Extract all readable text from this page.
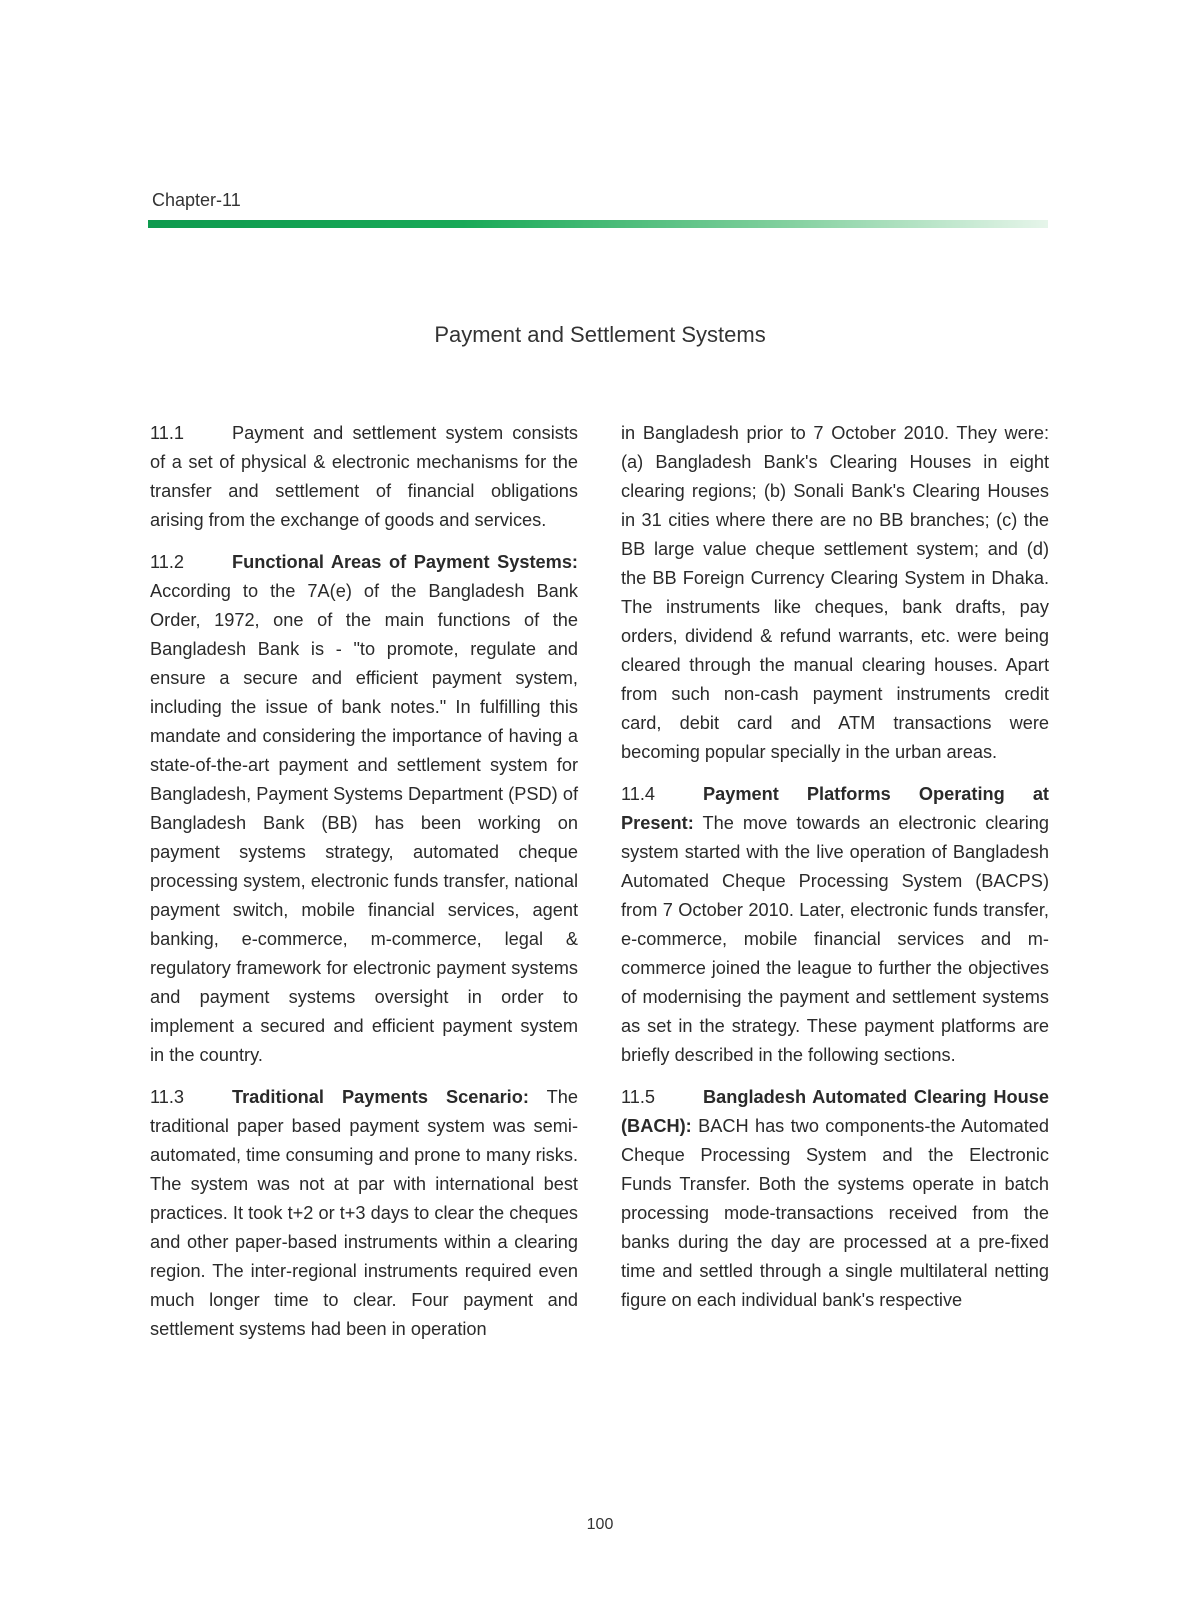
Chapter-11
Payment and Settlement Systems

11.1	Payment and settlement system consists of a set of physical & electronic mechanisms for the transfer and settlement of financial obligations arising from the exchange of goods and services.

11.2	Functional Areas of Payment Systems: According to the 7A(e) of the Bangladesh Bank Order, 1972, one of the main functions of the Bangladesh Bank is - "to promote, regulate and ensure a secure and efficient payment system, including the issue of bank notes." In fulfilling this mandate and considering the importance of having a state-of-the-art payment and settlement system for Bangladesh, Payment Systems Department (PSD) of Bangladesh Bank (BB) has been working on payment systems strategy, automated cheque processing system, electronic funds transfer, national payment switch, mobile financial services, agent banking, e-commerce, m-commerce, legal & regulatory framework for electronic payment systems and payment systems oversight in order to implement a secured and efficient payment system in the country.

11.3	Traditional Payments Scenario: The traditional paper based payment system was semi-automated, time consuming and prone to many risks. The system was not at par with international best practices. It took t+2 or t+3 days to clear the cheques and other paper-based instruments within a clearing region. The inter-regional instruments required even much longer time to clear. Four payment and settlement systems had been in operation

in Bangladesh prior to 7 October 2010. They were: (a) Bangladesh Bank's Clearing Houses in eight clearing regions; (b) Sonali Bank's Clearing Houses in 31 cities where there are no BB branches; (c) the BB large value cheque settlement system; and (d) the BB Foreign Currency Clearing System in Dhaka. The instruments like cheques, bank drafts, pay orders, dividend & refund warrants, etc. were being cleared through the manual clearing houses. Apart from such non-cash payment instruments credit card, debit card and ATM transactions were becoming popular specially in the urban areas.

11.4	Payment Platforms Operating at Present: The move towards an electronic clearing system started with the live operation of Bangladesh Automated Cheque Processing System (BACPS) from 7 October 2010. Later, electronic funds transfer, e-commerce, mobile financial services and m-commerce joined the league to further the objectives of modernising the payment and settlement systems as set in the strategy. These payment platforms are briefly described in the following sections.

11.5	Bangladesh Automated Clearing House (BACH): BACH has two components-the Automated Cheque Processing System and the Electronic Funds Transfer. Both the systems operate in batch processing mode-transactions received from the banks during the day are processed at a pre-fixed time and settled through a single multilateral netting figure on each individual bank's respective

100
